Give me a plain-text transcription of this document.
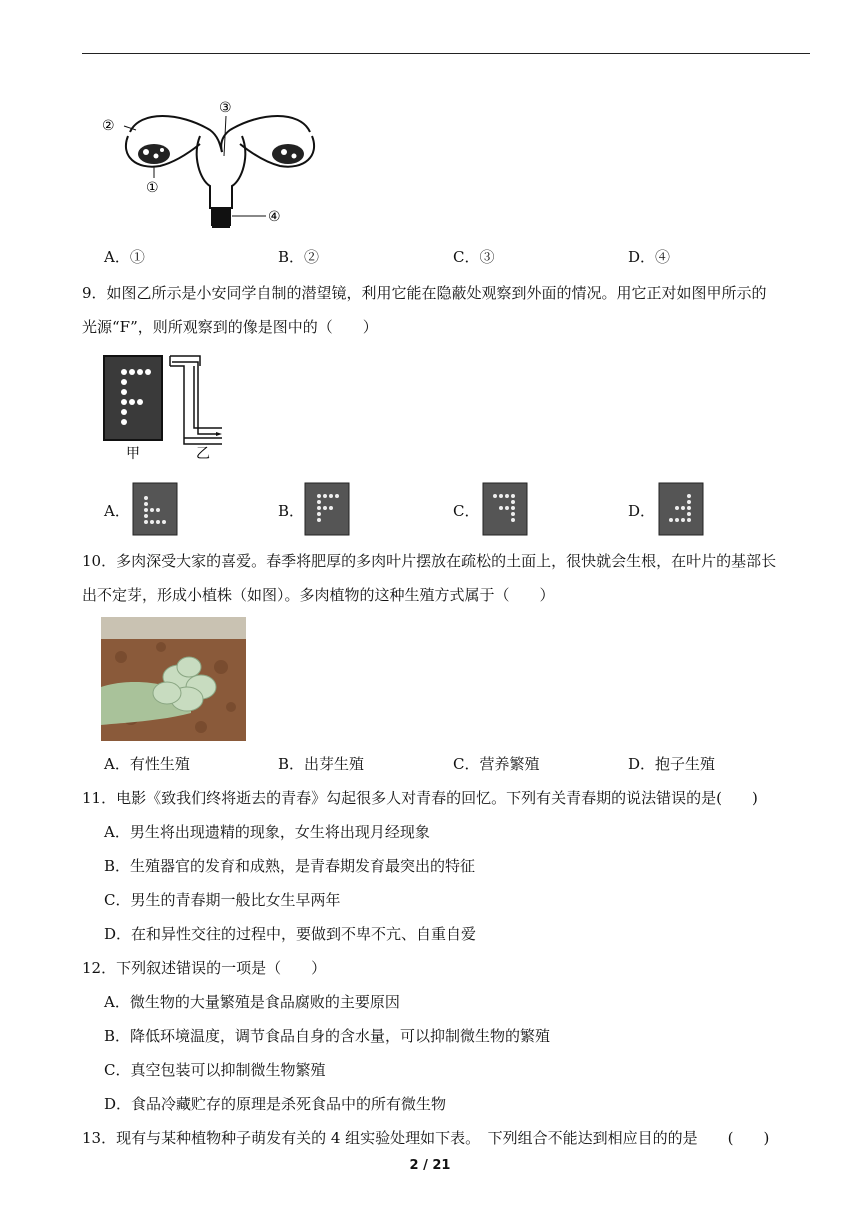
③
②
①
④
A．①	B．②	C．③	D．④
9．如图乙所示是小安同学自制的潜望镜，利用它能在隐蔽处观察到外面的情况。用它正对如图甲所示的
光源“F”，则所观察到的像是图中的（　　）
甲	乙
A．	B．	C．	D．
10．多肉深受大家的喜爱。春季将肥厚的多肉叶片摆放在疏松的土面上，很快就会生根，在叶片的基部长
出不定芽，形成小植株（如图）。多肉植物的这种生殖方式属于（　　）
A．有性生殖	B．出芽生殖	C．营养繁殖	D．抱子生殖
11．电影《致我们终将逝去的青春》勾起很多人对青春的回忆。下列有关青春期的说法错误的是(　　)
A．男生将出现遗精的现象，女生将出现月经现象
B．生殖器官的发育和成熟，是青春期发育最突出的特征
C．男生的青春期一般比女生早两年
D．在和异性交往的过程中，要做到不卑不亢、自重自爱
12．下列叙述错误的一项是（　　）
A．微生物的大量繁殖是食品腐败的主要原因
B．降低环境温度，调节食品自身的含水量，可以抑制微生物的繁殖
C．真空包装可以抑制微生物繁殖
D．食品冷藏贮存的原理是杀死食品中的所有微生物
13．现有与某种植物种子萌发有关的 4 组实验处理如下表。　下列组合不能达到相应目的的是　　(　　)
2 / 21
